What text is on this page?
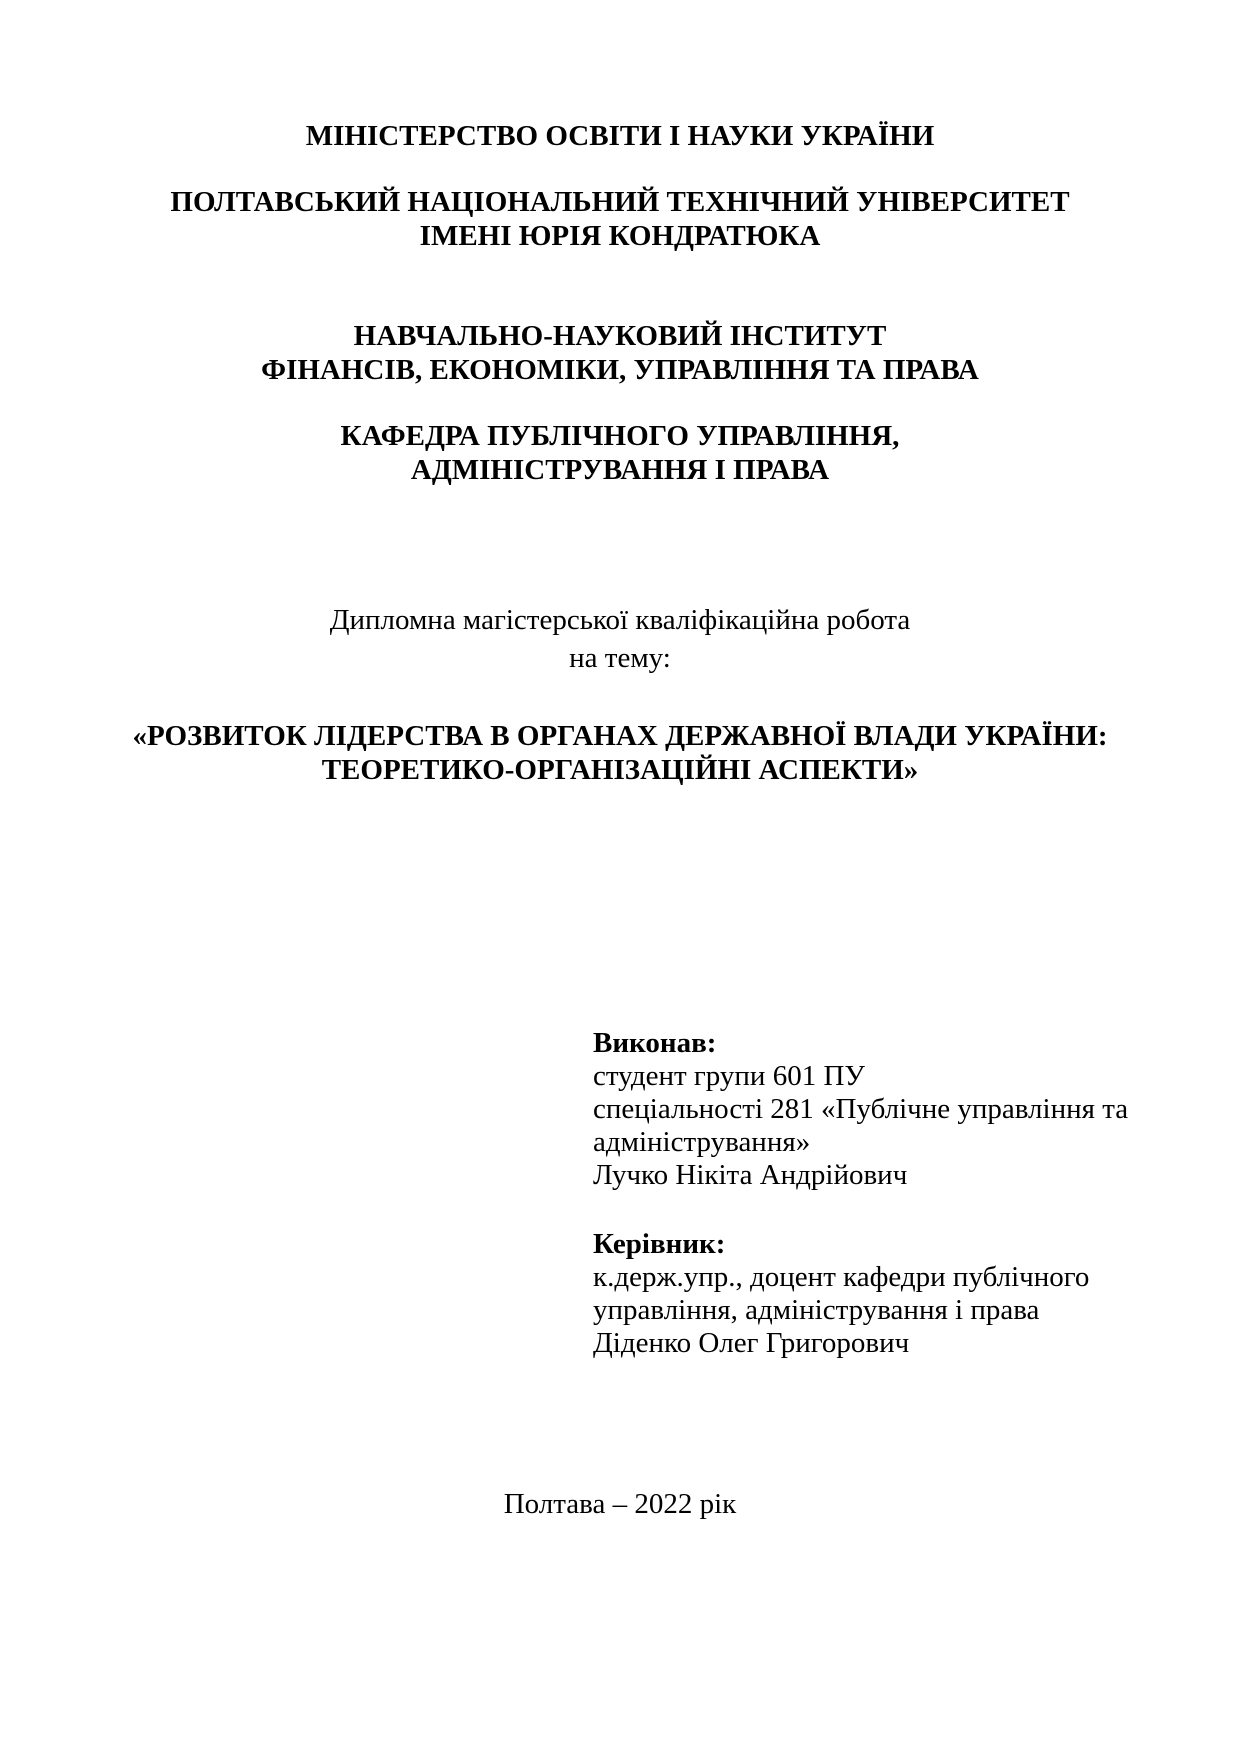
МІНІСТЕРСТВО ОСВІТИ І НАУКИ УКРАЇНИ
ПОЛТАВСЬКИЙ НАЦІОНАЛЬНИЙ ТЕХНІЧНИЙ УНІВЕРСИТЕТ
ІМЕНІ ЮРІЯ КОНДРАТЮКА
НАВЧАЛЬНО-НАУКОВИЙ ІНСТИТУТ
ФІНАНСІВ, ЕКОНОМІКИ, УПРАВЛІННЯ ТА ПРАВА
КАФЕДРА ПУБЛІЧНОГО УПРАВЛІННЯ,
АДМІНІСТРУВАННЯ І ПРАВА
Дипломна магістерської кваліфікаційна робота
на тему:
«РОЗВИТОК ЛІДЕРСТВА В ОРГАНАХ ДЕРЖАВНОЇ ВЛАДИ УКРАЇНИ:
ТЕОРЕТИКО-ОРГАНІЗАЦІЙНІ АСПЕКТИ»
Виконав:
студент групи 601 ПУ
спеціальності 281 «Публічне управління та
адміністрування»
Лучко Нікіта Андрійович
Керівник:
к.держ.упр., доцент кафедри публічного
управління, адміністрування і права
Діденко Олег Григорович
Полтава – 2022 рік
